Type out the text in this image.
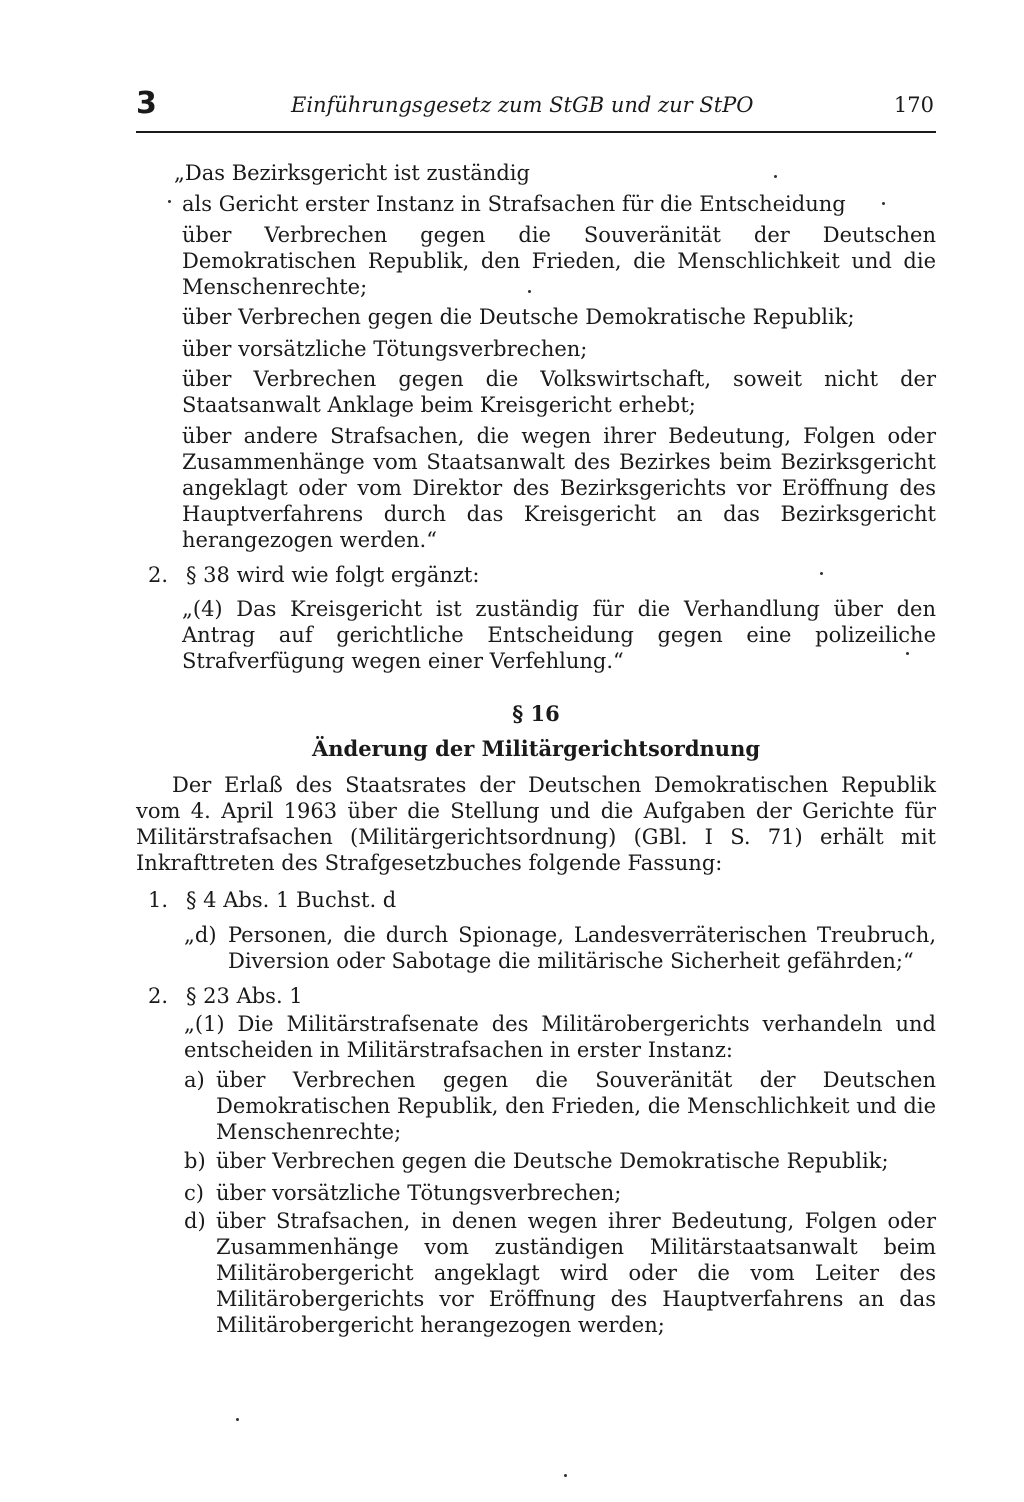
3	Einführungsgesetz zum StGB und zur StPO	170
„Das Bezirksgericht ist zuständig
als Gericht erster Instanz in Strafsachen für die Entscheidung
über Verbrechen gegen die Souveränität der Deutschen Demokratischen Republik, den Frieden, die Menschlichkeit und die Menschenrechte;
über Verbrechen gegen die Deutsche Demokratische Republik;
über vorsätzliche Tötungsverbrechen;
über Verbrechen gegen die Volkswirtschaft, soweit nicht der Staatsanwalt Anklage beim Kreisgericht erhebt;
über andere Strafsachen, die wegen ihrer Bedeutung, Folgen oder Zusammenhänge vom Staatsanwalt des Bezirkes beim Bezirksgericht angeklagt oder vom Direktor des Bezirksgerichts vor Eröffnung des Hauptverfahrens durch das Kreisgericht an das Bezirksgericht herangezogen werden.“
2. § 38 wird wie folgt ergänzt:
„(4) Das Kreisgericht ist zuständig für die Verhandlung über den Antrag auf gerichtliche Entscheidung gegen eine polizeiliche Strafverfügung wegen einer Verfehlung.“
§ 16
Änderung der Militärgerichtsordnung
Der Erlaß des Staatsrates der Deutschen Demokratischen Republik vom 4. April 1963 über die Stellung und die Aufgaben der Gerichte für Militärstrafsachen (Militärgerichtsordnung) (GBl. I S. 71) erhält mit Inkrafttreten des Strafgesetzbuches folgende Fassung:
1. § 4 Abs. 1 Buchst. d
„d) Personen, die durch Spionage, Landesverräterischen Treubruch, Diversion oder Sabotage die militärische Sicherheit gefährden;“
2. § 23 Abs. 1
„(1) Die Militärstrafsenate des Militärobergerichts verhandeln und entscheiden in Militärstrafsachen in erster Instanz:
a) über Verbrechen gegen die Souveränität der Deutschen Demokratischen Republik, den Frieden, die Menschlichkeit und die Menschenrechte;
b) über Verbrechen gegen die Deutsche Demokratische Republik;
c) über vorsätzliche Tötungsverbrechen;
d) über Strafsachen, in denen wegen ihrer Bedeutung, Folgen oder Zusammenhänge vom zuständigen Militärstaatsanwalt beim Militärobergericht angeklagt wird oder die vom Leiter des Militärobergerichts vor Eröffnung des Hauptverfahrens an das Militärobergericht herangezogen werden;
